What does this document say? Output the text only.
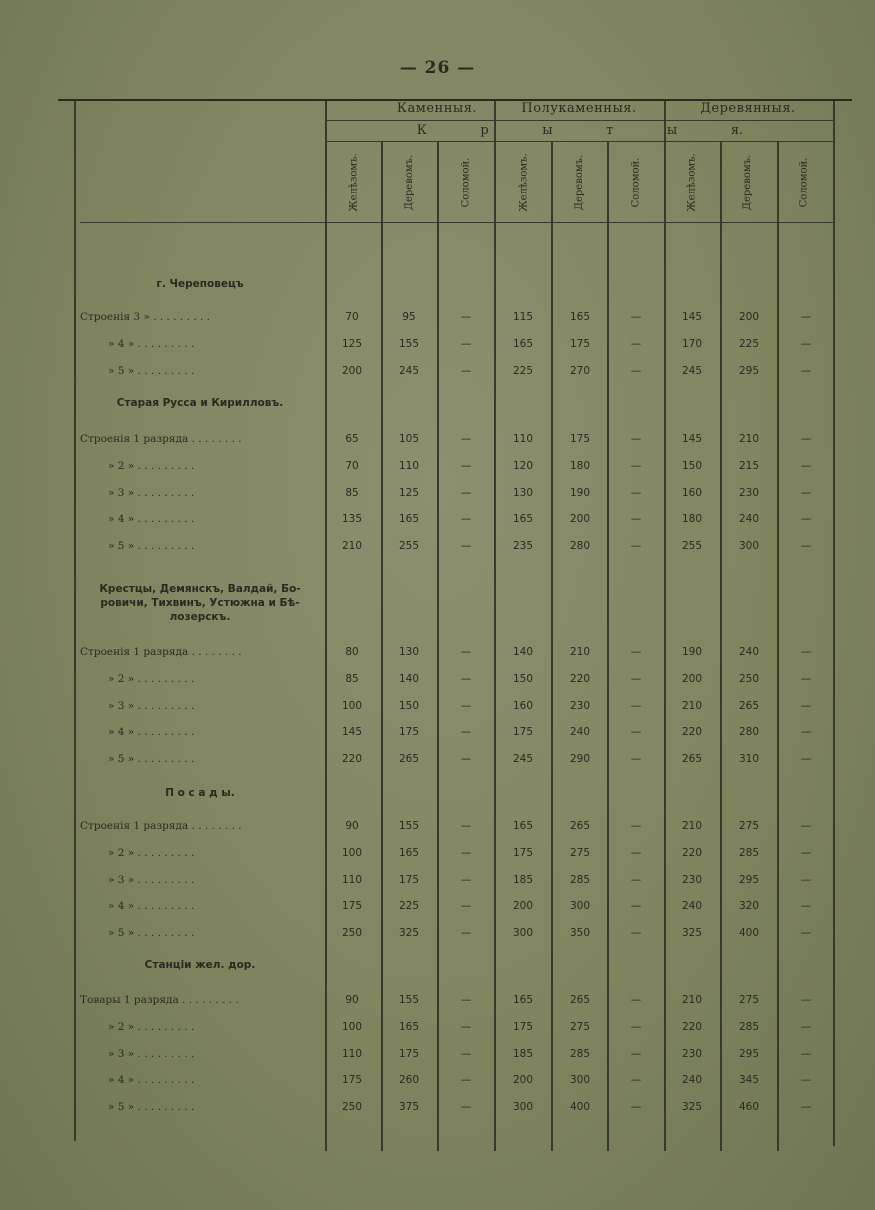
— 26 —
Каменныя.	Полукаменныя.	Деревянныя.
К	р	ы	т	ы	я.
Желѣзомъ.	Деревомъ.	Соломой.	Желѣзомъ.	Деревомъ.	Соломой.	Желѣзомъ.	Деревомъ.	Соломой.
г. Череповецъ
Строенія 3 » . . . . . . . . .	70	95	—	115	165	—	145	200	—
» 4 » . . . . . . . . .	125	155	—	165	175	—	170	225	—
» 5 » . . . . . . . . .	200	245	—	225	270	—	245	295	—
Старая Русса и Кирилловъ.
Строенія 1 разряда . . . . . . . .	65	105	—	110	175	—	145	210	—
» 2 » . . . . . . . . .	70	110	—	120	180	—	150	215	—
» 3 » . . . . . . . . .	85	125	—	130	190	—	160	230	—
» 4 » . . . . . . . . .	135	165	—	165	200	—	180	240	—
» 5 » . . . . . . . . .	210	255	—	235	280	—	255	300	—
Крестцы, Демянскъ, Валдай, Бо-
ровичи, Тихвинъ, Устюжна и Бѣ-
лозерскъ.
Строенія 1 разряда . . . . . . . .	80	130	—	140	210	—	190	240	—
» 2 » . . . . . . . . .	85	140	—	150	220	—	200	250	—
» 3 » . . . . . . . . .	100	150	—	160	230	—	210	265	—
» 4 » . . . . . . . . .	145	175	—	175	240	—	220	280	—
» 5 » . . . . . . . . .	220	265	—	245	290	—	265	310	—
П о с а д ы.
Строенія 1 разряда . . . . . . . .	90	155	—	165	265	—	210	275	—
» 2 » . . . . . . . . .	100	165	—	175	275	—	220	285	—
» 3 » . . . . . . . . .	110	175	—	185	285	—	230	295	—
» 4 » . . . . . . . . .	175	225	—	200	300	—	240	320	—
» 5 » . . . . . . . . .	250	325	—	300	350	—	325	400	—
Станціи жел. дор.
Товары 1 разряда . . . . . . . . .	90	155	—	165	265	—	210	275	—
» 2 » . . . . . . . . .	100	165	—	175	275	—	220	285	—
» 3 » . . . . . . . . .	110	175	—	185	285	—	230	295	—
» 4 » . . . . . . . . .	175	260	—	200	300	—	240	345	—
» 5 » . . . . . . . . .	250	375	—	300	400	—	325	460	—
